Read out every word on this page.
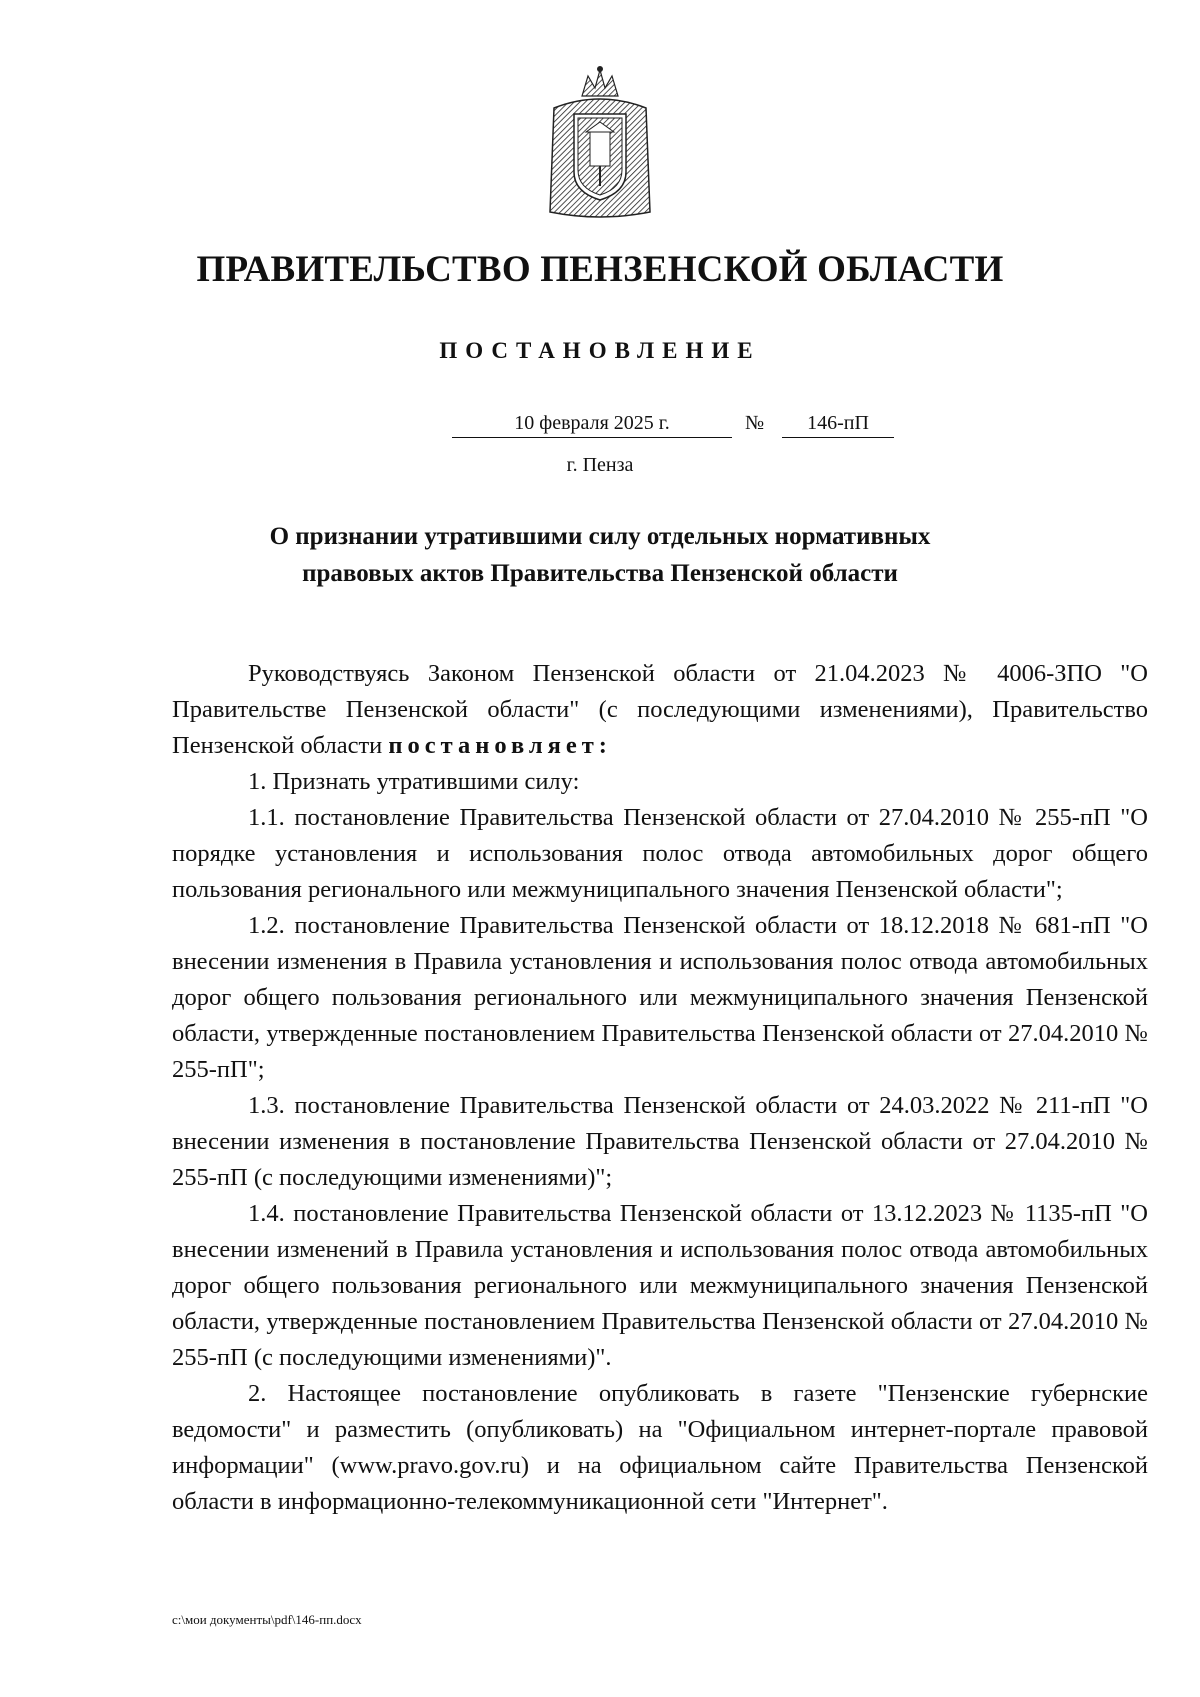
ПРАВИТЕЛЬСТВО ПЕНЗЕНСКОЙ ОБЛАСТИ
ПОСТАНОВЛЕНИЕ
10 февраля 2025 г.	№	146-пП
г. Пенза
О признании утратившими силу отдельных нормативных
правовых актов Правительства Пензенской области

Руководствуясь Законом Пензенской области от 21.04.2023 № 4006-ЗПО "О Правительстве Пензенской области" (с последующими изменениями), Правительство Пензенской области постановляет:

1. Признать утратившими силу:

1.1. постановление Правительства Пензенской области от 27.04.2010 № 255-пП "О порядке установления и использования полос отвода автомобильных дорог общего пользования регионального или межмуниципального значения Пензенской области";

1.2. постановление Правительства Пензенской области от 18.12.2018 № 681-пП "О внесении изменения в Правила установления и использования полос отвода автомобильных дорог общего пользования регионального или межмуниципального значения Пензенской области, утвержденные постановлением Правительства Пензенской области от 27.04.2010 № 255-пП";

1.3. постановление Правительства Пензенской области от 24.03.2022 № 211-пП "О внесении изменения в постановление Правительства Пензенской области от 27.04.2010 № 255-пП (с последующими изменениями)";

1.4. постановление Правительства Пензенской области от 13.12.2023 № 1135-пП "О внесении изменений в Правила установления и использования полос отвода автомобильных дорог общего пользования регионального или межмуниципального значения Пензенской области, утвержденные постановлением Правительства Пензенской области от 27.04.2010 № 255-пП (с последующими изменениями)".

2. Настоящее постановление опубликовать в газете "Пензенские губернские ведомости" и разместить (опубликовать) на "Официальном интернет-портале правовой информации" (www.pravo.gov.ru) и на официальном сайте Правительства Пензенской области в информационно-телекоммуникационной сети "Интернет".

c:\мои документы\pdf\146-пп.docx
